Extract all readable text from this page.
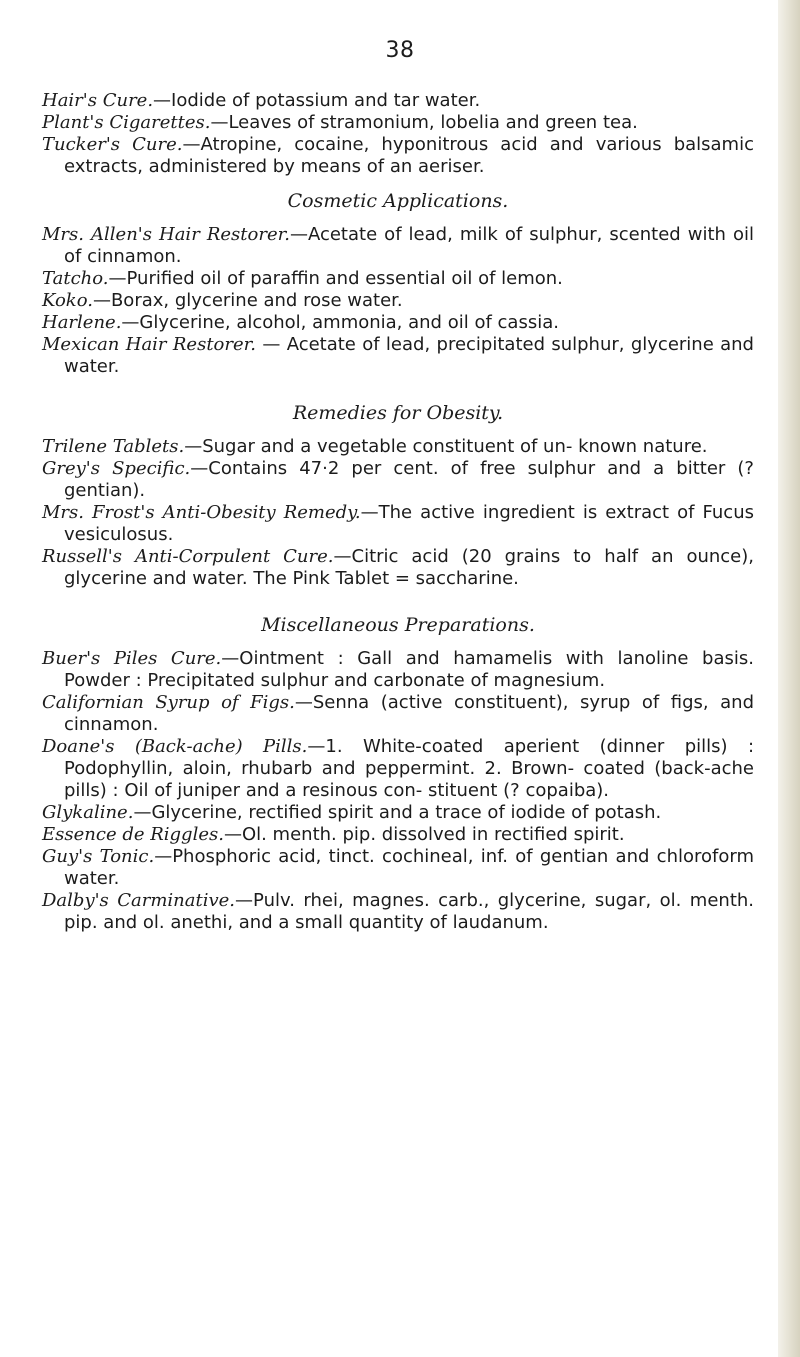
38

Hair's Cure.—Iodide of potassium and tar water.

Plant's Cigarettes.—Leaves of stramonium, lobelia and green tea.

Tucker's Cure.—Atropine, cocaine, hyponitrous acid and various balsamic extracts, administered by means of an aeriser.

Cosmetic Applications.

Mrs. Allen's Hair Restorer.—Acetate of lead, milk of sulphur, scented with oil of cinnamon.

Tatcho.—Purified oil of paraffin and essential oil of lemon.

Koko.—Borax, glycerine and rose water.

Harlene.—Glycerine, alcohol, ammonia, and oil of cassia.

Mexican Hair Restorer. — Acetate of lead, precipitated sulphur, glycerine and water.

Remedies for Obesity.

Trilene Tablets.—Sugar and a vegetable constituent of un- known nature.

Grey's Specific.—Contains 47·2 per cent. of free sulphur and a bitter (? gentian).

Mrs. Frost's Anti-Obesity Remedy.—The active ingredient is extract of Fucus vesiculosus.

Russell's Anti-Corpulent Cure.—Citric acid (20 grains to half an ounce), glycerine and water. The Pink Tablet = saccharine.

Miscellaneous Preparations.

Buer's Piles Cure.—Ointment : Gall and hamamelis with lanoline basis. Powder : Precipitated sulphur and carbonate of magnesium.

Californian Syrup of Figs.—Senna (active constituent), syrup of figs, and cinnamon.

Doane's (Back-ache) Pills.—1. White-coated aperient (dinner pills) : Podophyllin, aloin, rhubarb and peppermint. 2. Brown- coated (back-ache pills) : Oil of juniper and a resinous con- stituent (? copaiba).

Glykaline.—Glycerine, rectified spirit and a trace of iodide of potash.

Essence de Riggles.—Ol. menth. pip. dissolved in rectified spirit.

Guy's Tonic.—Phosphoric acid, tinct. cochineal, inf. of gentian and chloroform water.

Dalby's Carminative.—Pulv. rhei, magnes. carb., glycerine, sugar, ol. menth. pip. and ol. anethi, and a small quantity of laudanum.
